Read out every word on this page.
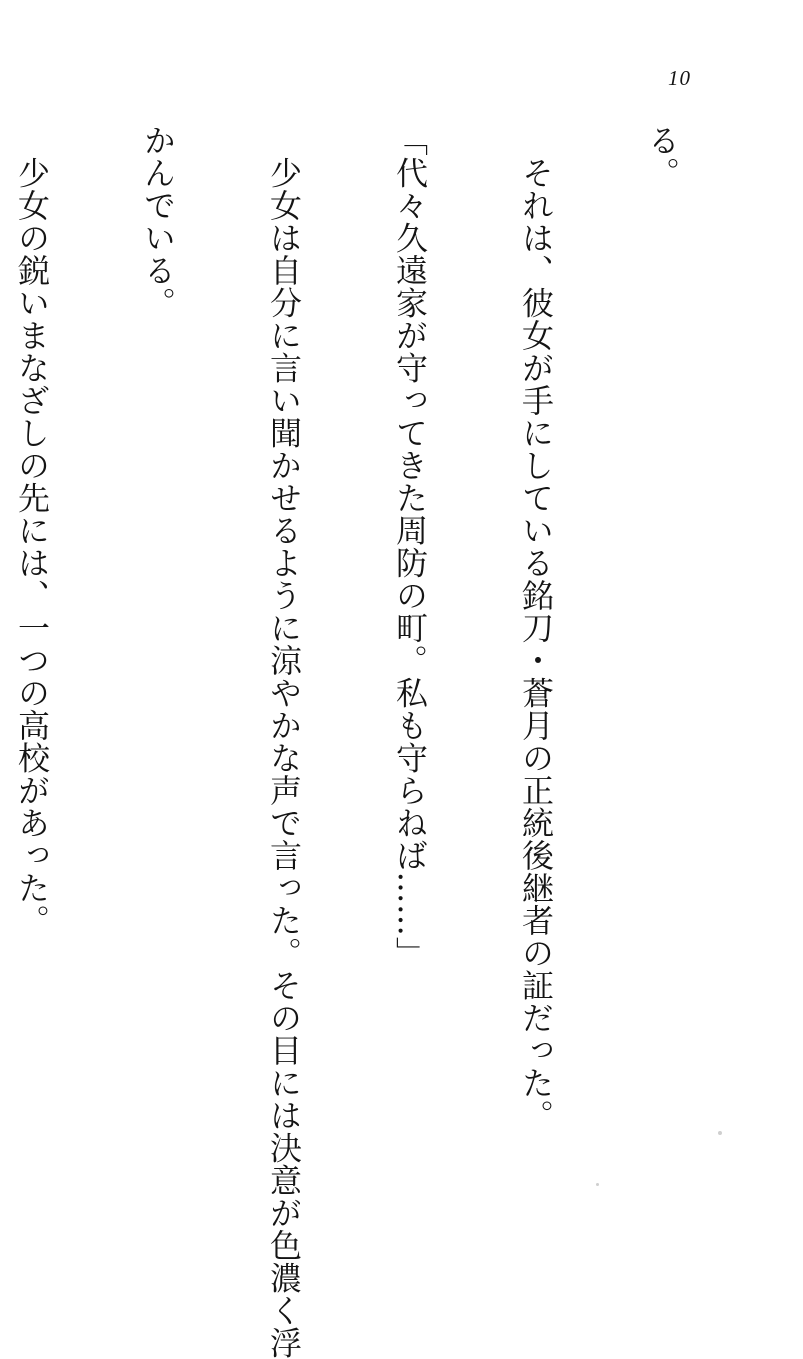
10

る。

　それは、彼女が手にしている銘刀・蒼月の正統後継者の証だった。

「代々久遠家が守ってきた周防の町。私も守らねば……」

　少女は自分に言い聞かせるように涼やかな声で言った。その目には決意が色濃く浮

かんでいる。

　少女の鋭いまなざしの先には、一つの高校があった。
